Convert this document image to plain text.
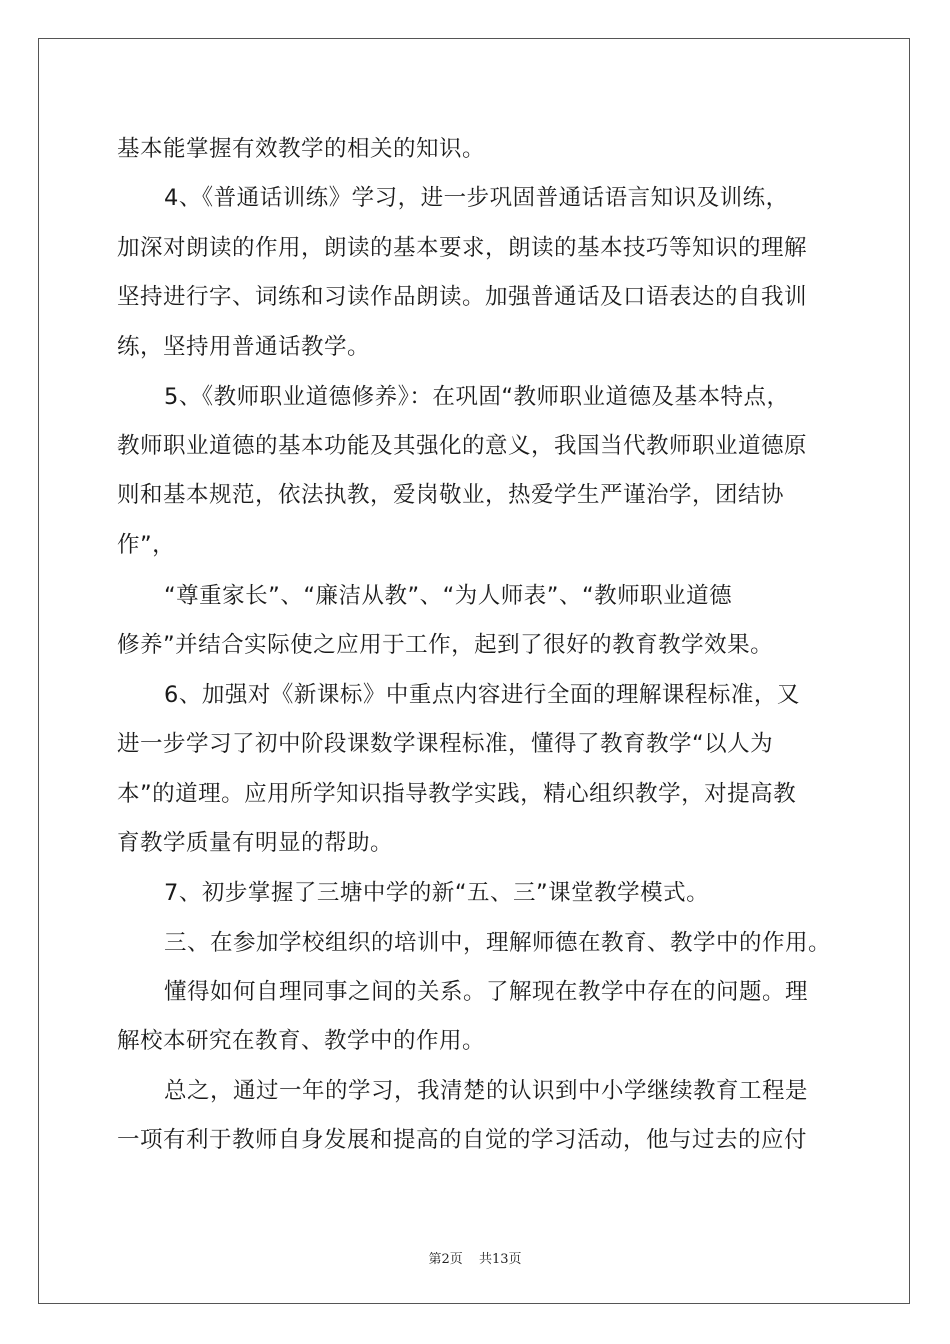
基本能掌握有效教学的相关的知识。
4、《普通话训练》学习，进一步巩固普通话语言知识及训练，
加深对朗读的作用，朗读的基本要求，朗读的基本技巧等知识的理解
坚持进行字、词练和习读作品朗读。加强普通话及口语表达的自我训
练，坚持用普通话教学。
5、《教师职业道德修养》：在巩固“教师职业道德及基本特点，
教师职业道德的基本功能及其强化的意义，我国当代教师职业道德原
则和基本规范，依法执教，爱岗敬业，热爱学生严谨治学，团结协
作”，
“尊重家长”、“廉洁从教”、“为人师表”、“教师职业道德
修养”并结合实际使之应用于工作，起到了很好的教育教学效果。
6、加强对《新课标》中重点内容进行全面的理解课程标准，又
进一步学习了初中阶段课数学课程标准，懂得了教育教学“以人为
本”的道理。应用所学知识指导教学实践，精心组织教学，对提高教
育教学质量有明显的帮助。
7、初步掌握了三塘中学的新“五、三”课堂教学模式。
三、在参加学校组织的培训中，理解师德在教育、教学中的作用。
懂得如何自理同事之间的关系。了解现在教学中存在的问题。理
解校本研究在教育、教学中的作用。
总之，通过一年的学习，我清楚的认识到中小学继续教育工程是
一项有利于教师自身发展和提高的自觉的学习活动，他与过去的应付
第2页 共13页
